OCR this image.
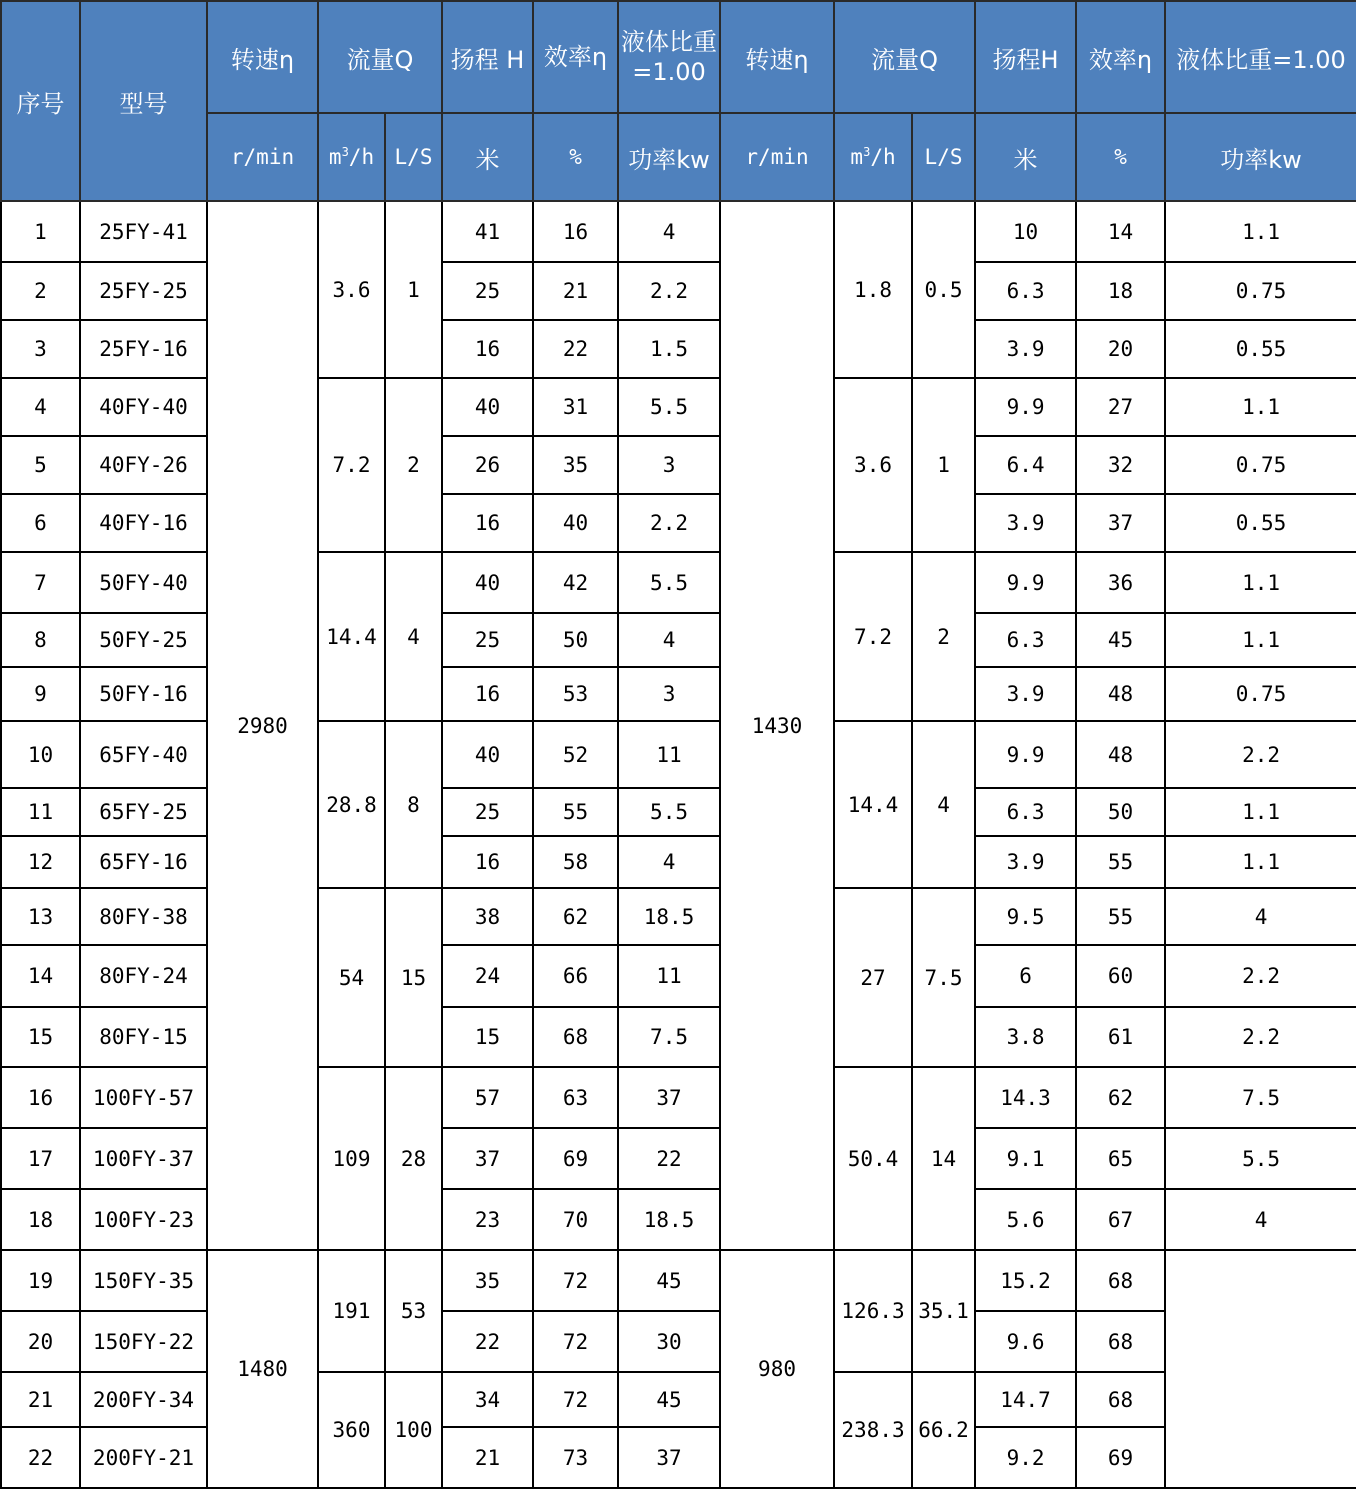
序号	型号	转速η	流量Q		扬程 H	效率η	液体比重=1.00	转速η	流量Q		扬程H	效率η	液体比重=1.00
		r/min	$m^3/h$	L/S	米	%	功率kw	r/min	$m^3/h$	L/S	米	%	功率kw
1	25FY-41	2980	3.6	1	41	16	4	1430	1.8	0.5	10	14	1.1
2	25FY-25				25	21	2.2				6.3	18	0.75
3	25FY-16				16	22	1.5				3.9	20	0.55
4	40FY-40		7.2	2	40	31	5.5		3.6	1	9.9	27	1.1
5	40FY-26				26	35	3				6.4	32	0.75
6	40FY-16				16	40	2.2				3.9	37	0.55
7	50FY-40		14.4	4	40	42	5.5		7.2	2	9.9	36	1.1
8	50FY-25				25	50	4				6.3	45	1.1
9	50FY-16				16	53	3				3.9	48	0.75
10	65FY-40		28.8	8	40	52	11		14.4	4	9.9	48	2.2
11	65FY-25				25	55	5.5				6.3	50	1.1
12	65FY-16				16	58	4				3.9	55	1.1
13	80FY-38		54	15	38	62	18.5		27	7.5	9.5	55	4
14	80FY-24				24	66	11				6	60	2.2
15	80FY-15				15	68	7.5				3.8	61	2.2
16	100FY-57		109	28	57	63	37		50.4	14	14.3	62	7.5
17	100FY-37				37	69	22				9.1	65	5.5
18	100FY-23				23	70	18.5				5.6	67	4
19	150FY-35	1480	191	53	35	72	45	980	126.3	35.1	15.2	68	
20	150FY-22				22	72	30				9.6	68	
21	200FY-34		360	100	34	72	45		238.3	66.2	14.7	68	
22	200FY-21				21	73	37				9.2	69	
